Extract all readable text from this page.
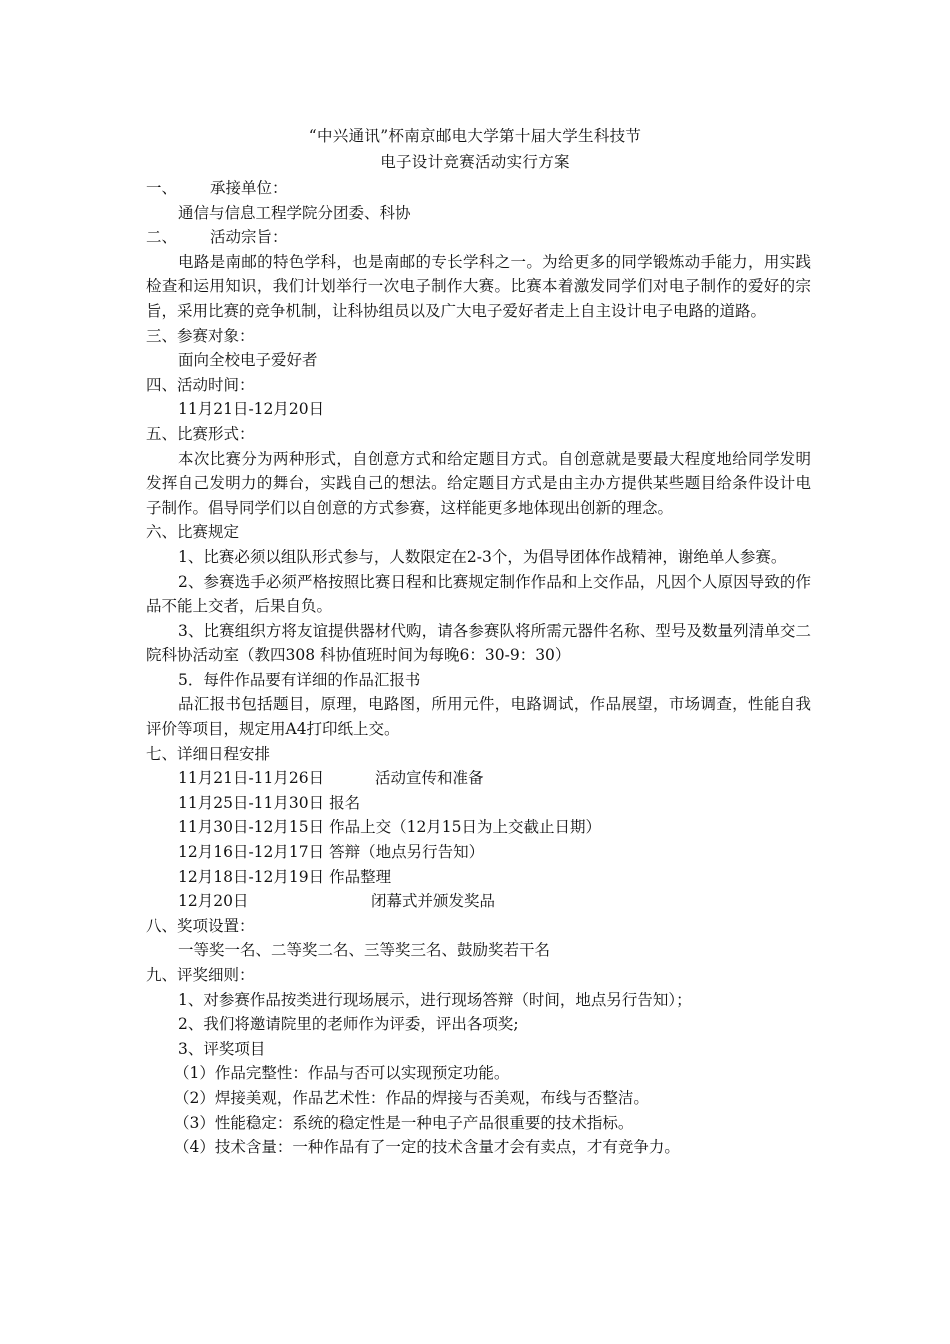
“中兴通讯”杯南京邮电大学第十届大学生科技节
电子设计竞赛活动实行方案

一、 承接单位：

通信与信息工程学院分团委、科协

二、 活动宗旨：

电路是南邮的特色学科，也是南邮的专长学科之一。为给更多的同学锻炼动手能力，用实践检查和运用知识，我们计划举行一次电子制作大赛。比赛本着激发同学们对电子制作的爱好的宗旨，采用比赛的竞争机制，让科协组员以及广大电子爱好者走上自主设计电子电路的道路。

三、参赛对象：

面向全校电子爱好者

四、活动时间：

11月21日-12月20日

五、比赛形式：

本次比赛分为两种形式，自创意方式和给定题目方式。自创意就是要最大程度地给同学发明发挥自己发明力的舞台，实践自己的想法。给定题目方式是由主办方提供某些题目给条件设计电子制作。倡导同学们以自创意的方式参赛，这样能更多地体现出创新的理念。

六、比赛规定

1、比赛必须以组队形式参与，人数限定在2-3个，为倡导团体作战精神，谢绝单人参赛。

2、参赛选手必须严格按照比赛日程和比赛规定制作作品和上交作品，凡因个人原因导致的作品不能上交者，后果自负。

3、比赛组织方将友谊提供器材代购，请各参赛队将所需元器件名称、型号及数量列清单交二院科协活动室（教四308 科协值班时间为每晚6：30-9：30）

5．每件作品要有详细的作品汇报书

品汇报书包括题目，原理，电路图，所用元件，电路调试，作品展望，市场调查，性能自我评价等项目，规定用A4打印纸上交。

七、详细日程安排

11月21日-11月26日	活动宣传和准备

11月25日-11月30日 报名

11月30日-12月15日 作品上交（12月15日为上交截止日期）

12月16日-12月17日 答辩（地点另行告知）

12月18日-12月19日 作品整理

12月20日	闭幕式并颁发奖品

八、奖项设置：

一等奖一名、二等奖二名、三等奖三名、鼓励奖若干名

九、评奖细则：

1、对参赛作品按类进行现场展示，进行现场答辩（时间，地点另行告知）；

2、我们将邀请院里的老师作为评委，评出各项奖;

3、评奖项目

（1）作品完整性：作品与否可以实现预定功能。

（2）焊接美观，作品艺术性：作品的焊接与否美观，布线与否整洁。

（3）性能稳定：系统的稳定性是一种电子产品很重要的技术指标。

（4）技术含量：一种作品有了一定的技术含量才会有卖点，才有竞争力。
